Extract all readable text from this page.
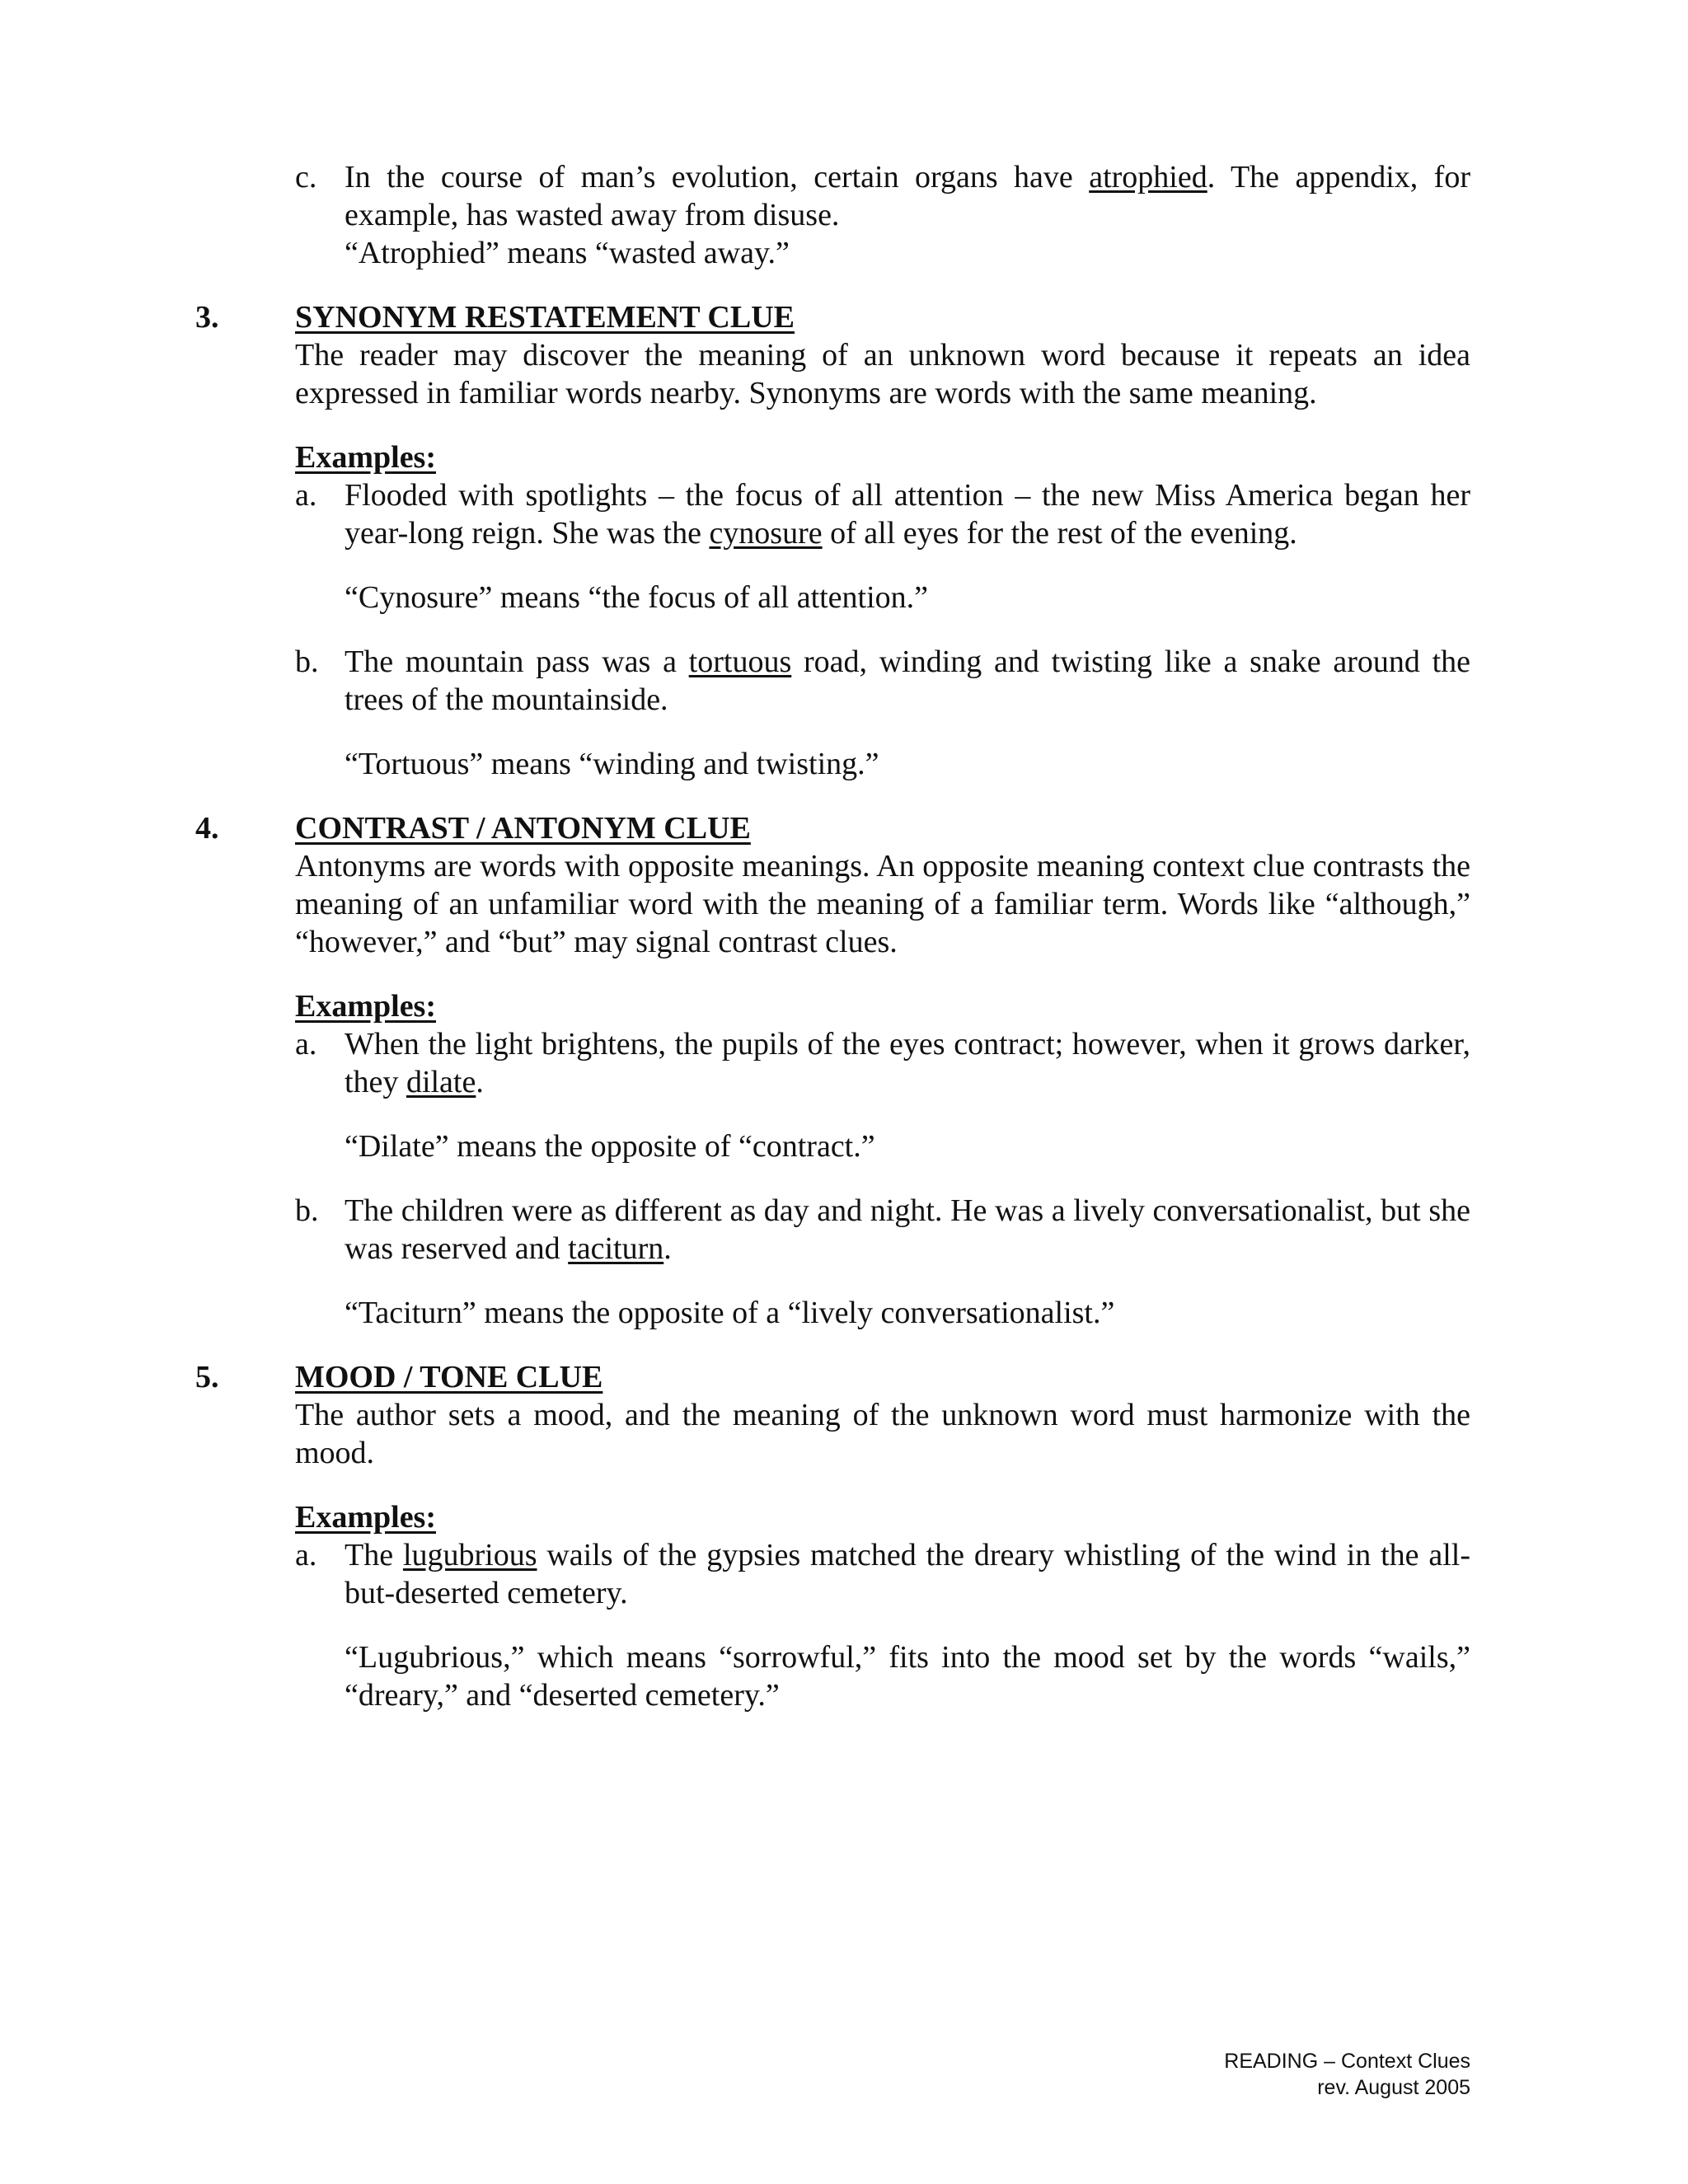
c. In the course of man’s evolution, certain organs have atrophied. The appendix, for example, has wasted away from disuse.
“Atrophied” means “wasted away.”
3. SYNONYM RESTATEMENT CLUE
The reader may discover the meaning of an unknown word because it repeats an idea expressed in familiar words nearby. Synonyms are words with the same meaning.
Examples:
a. Flooded with spotlights – the focus of all attention – the new Miss America began her year-long reign. She was the cynosure of all eyes for the rest of the evening.
“Cynosure” means “the focus of all attention.”
b. The mountain pass was a tortuous road, winding and twisting like a snake around the trees of the mountainside.
“Tortuous” means “winding and twisting.”
4. CONTRAST / ANTONYM CLUE
Antonyms are words with opposite meanings. An opposite meaning context clue contrasts the meaning of an unfamiliar word with the meaning of a familiar term. Words like “although,” “however,” and “but” may signal contrast clues.
Examples:
a. When the light brightens, the pupils of the eyes contract; however, when it grows darker, they dilate.
“Dilate” means the opposite of “contract.”
b. The children were as different as day and night. He was a lively conversationalist, but she was reserved and taciturn.
“Taciturn” means the opposite of a “lively conversationalist.”
5. MOOD / TONE CLUE
The author sets a mood, and the meaning of the unknown word must harmonize with the mood.
Examples:
a. The lugubrious wails of the gypsies matched the dreary whistling of the wind in the all-but-deserted cemetery.
“Lugubrious,” which means “sorrowful,” fits into the mood set by the words “wails,” “dreary,” and “deserted cemetery.”
READING – Context Clues
rev. August 2005
